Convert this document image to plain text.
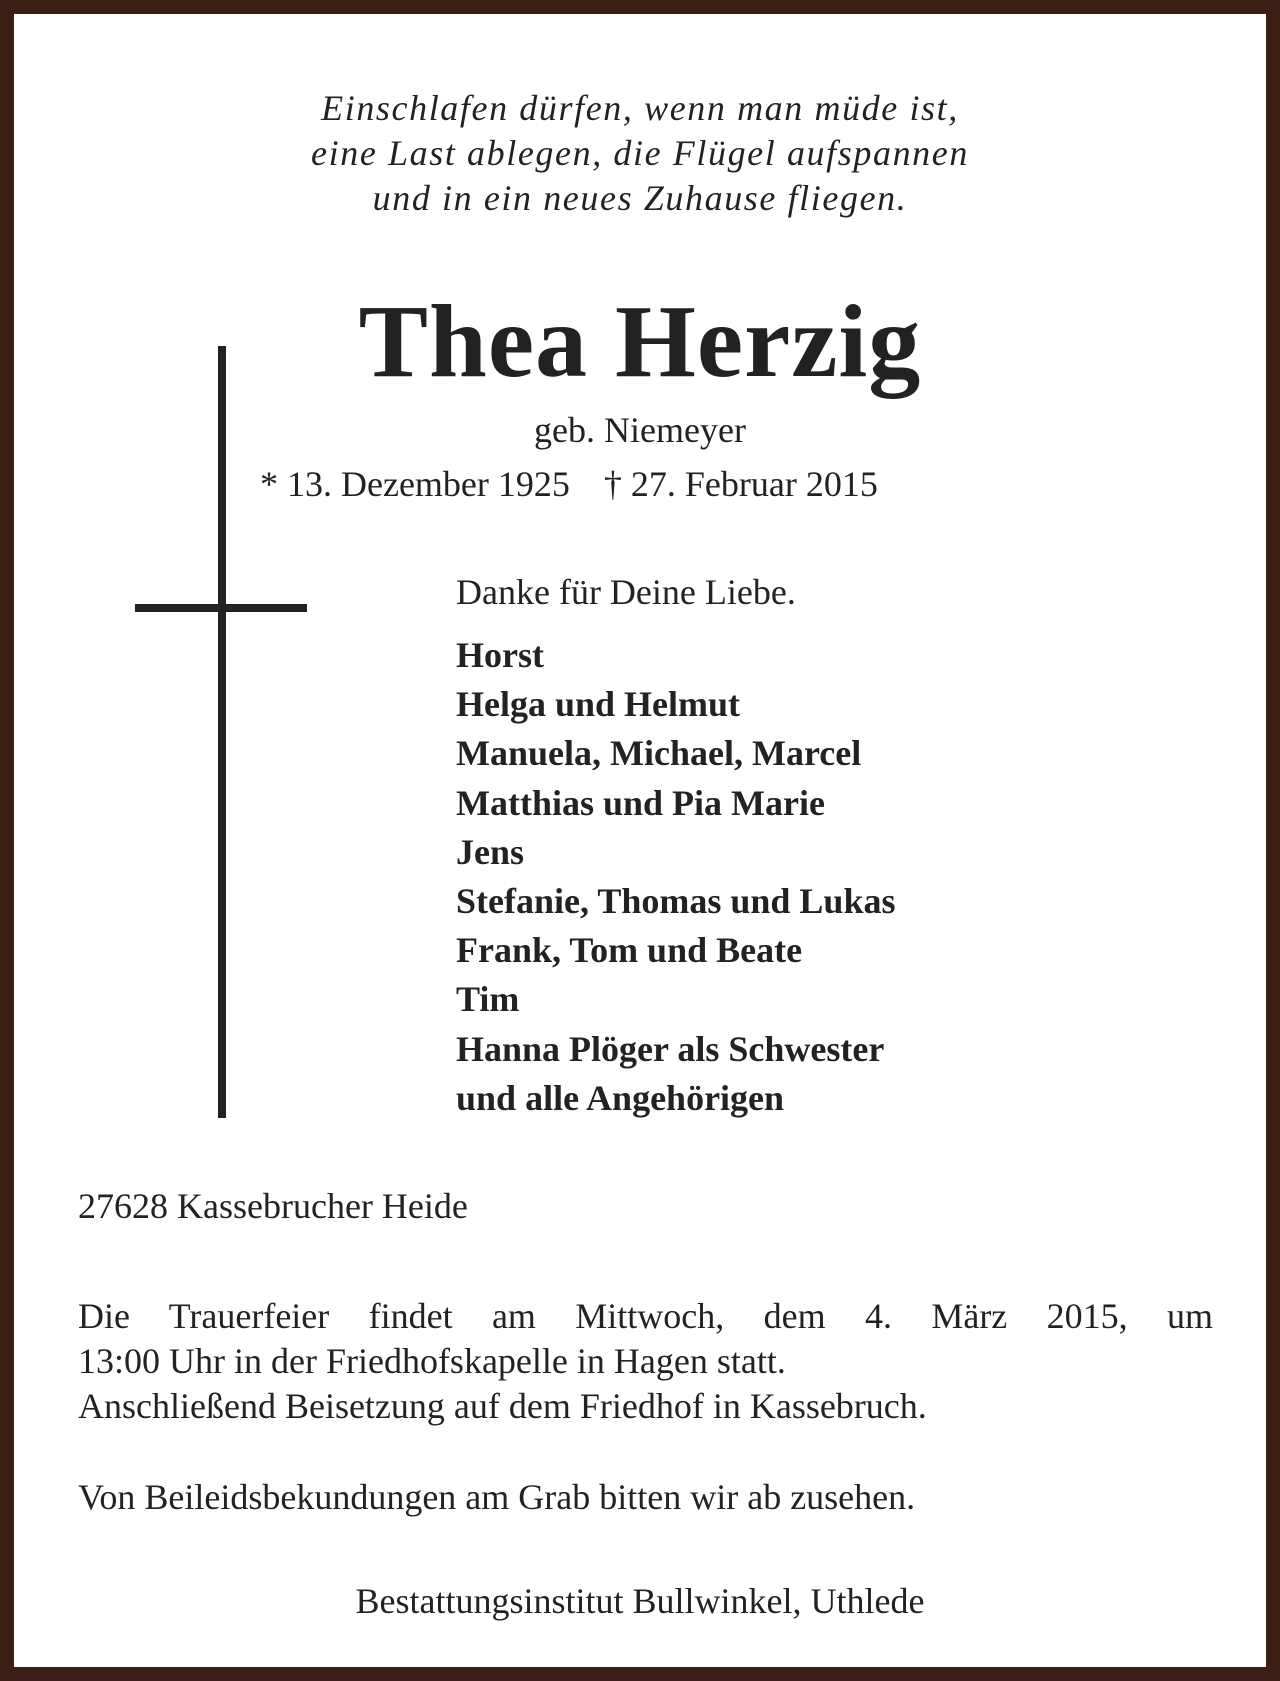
Einschlafen dürfen, wenn man müde ist,
eine Last ablegen, die Flügel aufspannen
und in ein neues Zuhause fliegen.
Thea Herzig
geb. Niemeyer
* 13. Dezember 1925 † 27. Februar 2015
Danke für Deine Liebe.
Horst
Helga und Helmut
Manuela, Michael, Marcel
Matthias und Pia Marie
Jens
Stefanie, Thomas und Lukas
Frank, Tom und Beate
Tim
Hanna Plöger als Schwester
und alle Angehörigen
27628 Kassebrucher Heide
Die Trauerfeier findet am Mittwoch, dem 4. März 2015, um
13:00 Uhr in der Friedhofskapelle in Hagen statt.
Anschließend Beisetzung auf dem Friedhof in Kassebruch.
Von Beileidsbekundungen am Grab bitten wir ab zusehen.
Bestattungsinstitut Bullwinkel, Uthlede
